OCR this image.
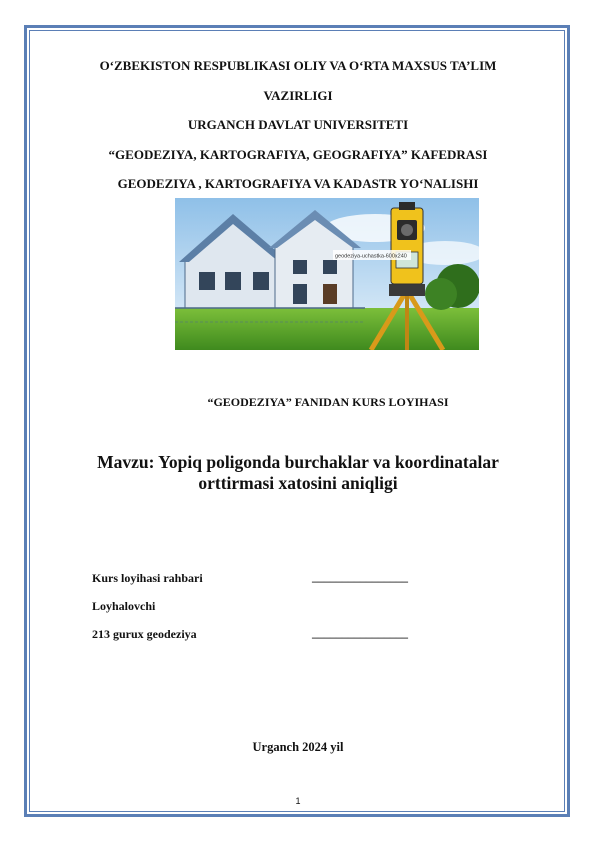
O‘ZBEKISTON RESPUBLIKASI OLIY VA O‘RTA MAXSUS TA’LIM
VAZIRLIGI
URGANCH DAVLAT UNIVERSITETI
“GEODEZIYA, KARTOGRAFIYA, GEOGRAFIYA” KAFEDRASI
GEODEZIYA , KARTOGRAFIYA VA KADASTR YO‘NALISHI
geodeziya-uchastka-600x240
“GEODEZIYA” FANIDAN KURS LOYIHASI
Mavzu: Yopiq poligonda burchaklar va koordinatalar
orttirmasi xatosini aniqligi
Kurs loyihasi rahbari	________________
Loyhalovchi
213 gurux geodeziya	________________
Urganch 2024 yil
1
